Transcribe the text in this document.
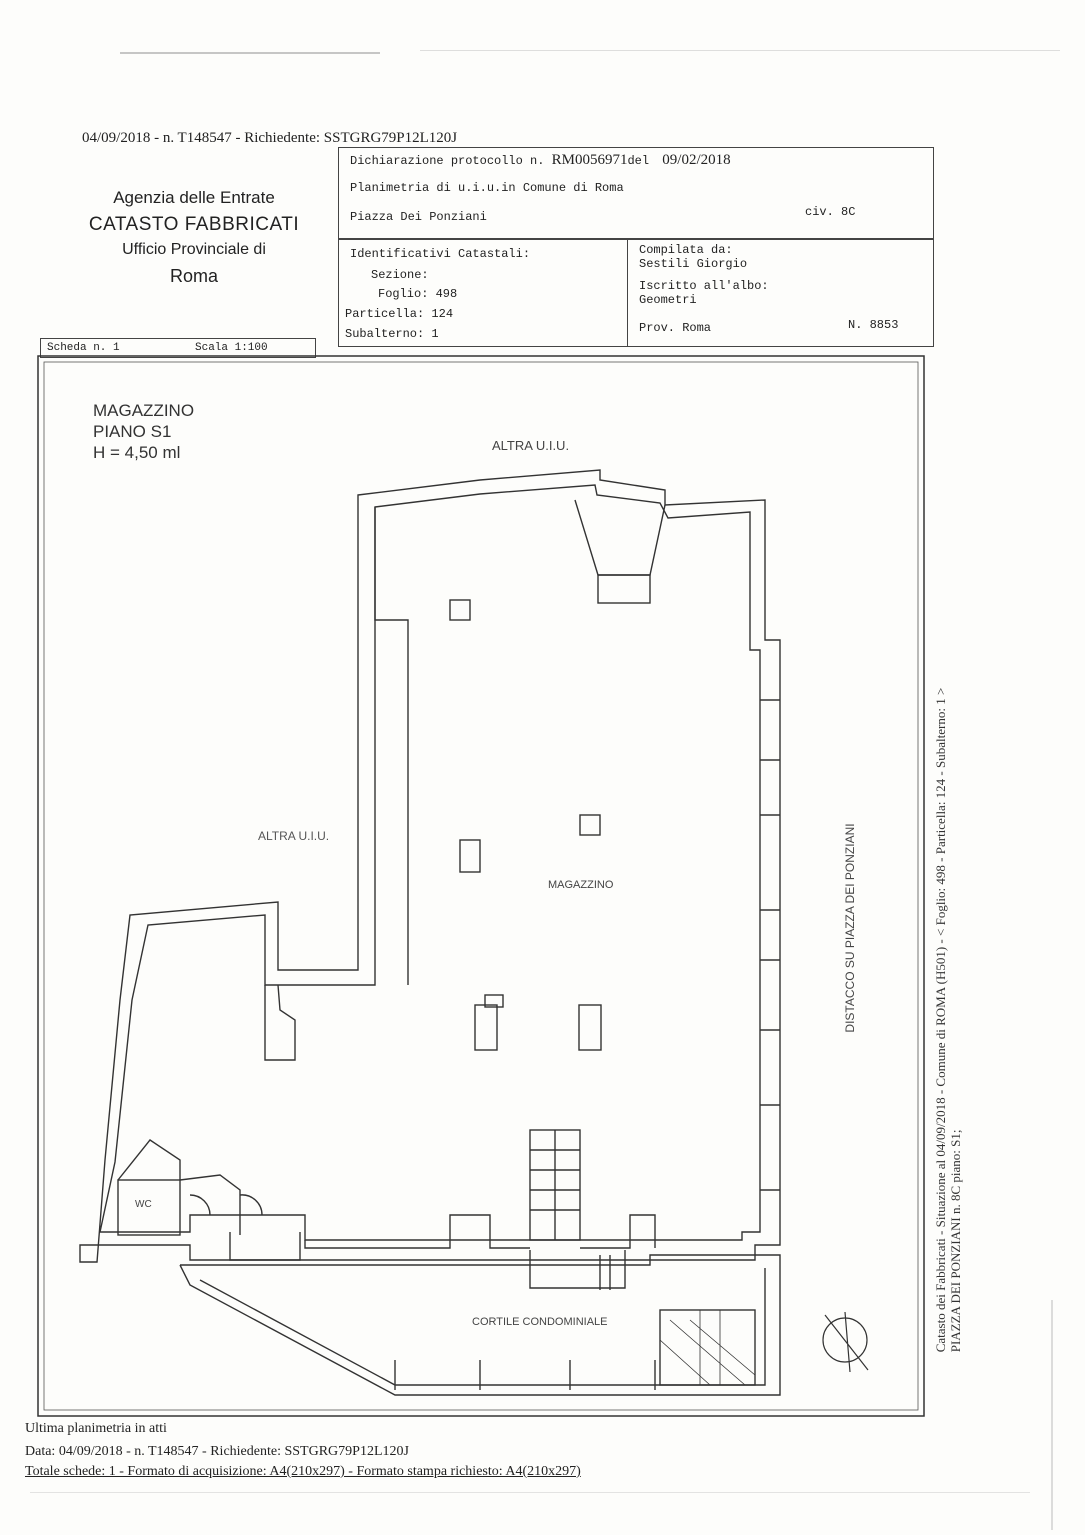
04/09/2018 - n. T148547 - Richiedente: SSTGRG79P12L120J
Agenzia delle Entrate
CATASTO FABBRICATI
Ufficio Provinciale di
Roma
Dichiarazione protocollo n. RM0056971del 09/02/2018
Planimetria di u.i.u.in Comune di Roma
Piazza Dei Ponziani	civ. 8C
Identificativi Catastali:
Sezione:
Foglio: 498
Particella: 124
Subalterno: 1
Compilata da:
Sestili Giorgio
Iscritto all'albo:
Geometri
Prov. Roma	N. 8853
Scheda n. 1	Scala 1:100
MAGAZZINO
PIANO S1
H = 4,50 ml	ALTRA U.I.U.
ALTRA U.I.U.
MAGAZZINO
WC
CORTILE CONDOMINIALE
DISTACCO SU PIAZZA DEI PONZIANI	Catasto dei Fabbricati - Situazione al 04/09/2018 - Comune di ROMA (H501) - < Foglio: 498 - Particella: 124 - Subalterno: 1 > PIAZZA DEI PONZIANI n. 8C piano: S1;
Ultima planimetria in atti
Data: 04/09/2018 - n. T148547 - Richiedente: SSTGRG79P12L120J
Totale schede: 1 - Formato di acquisizione: A4(210x297) - Formato stampa richiesto: A4(210x297)
